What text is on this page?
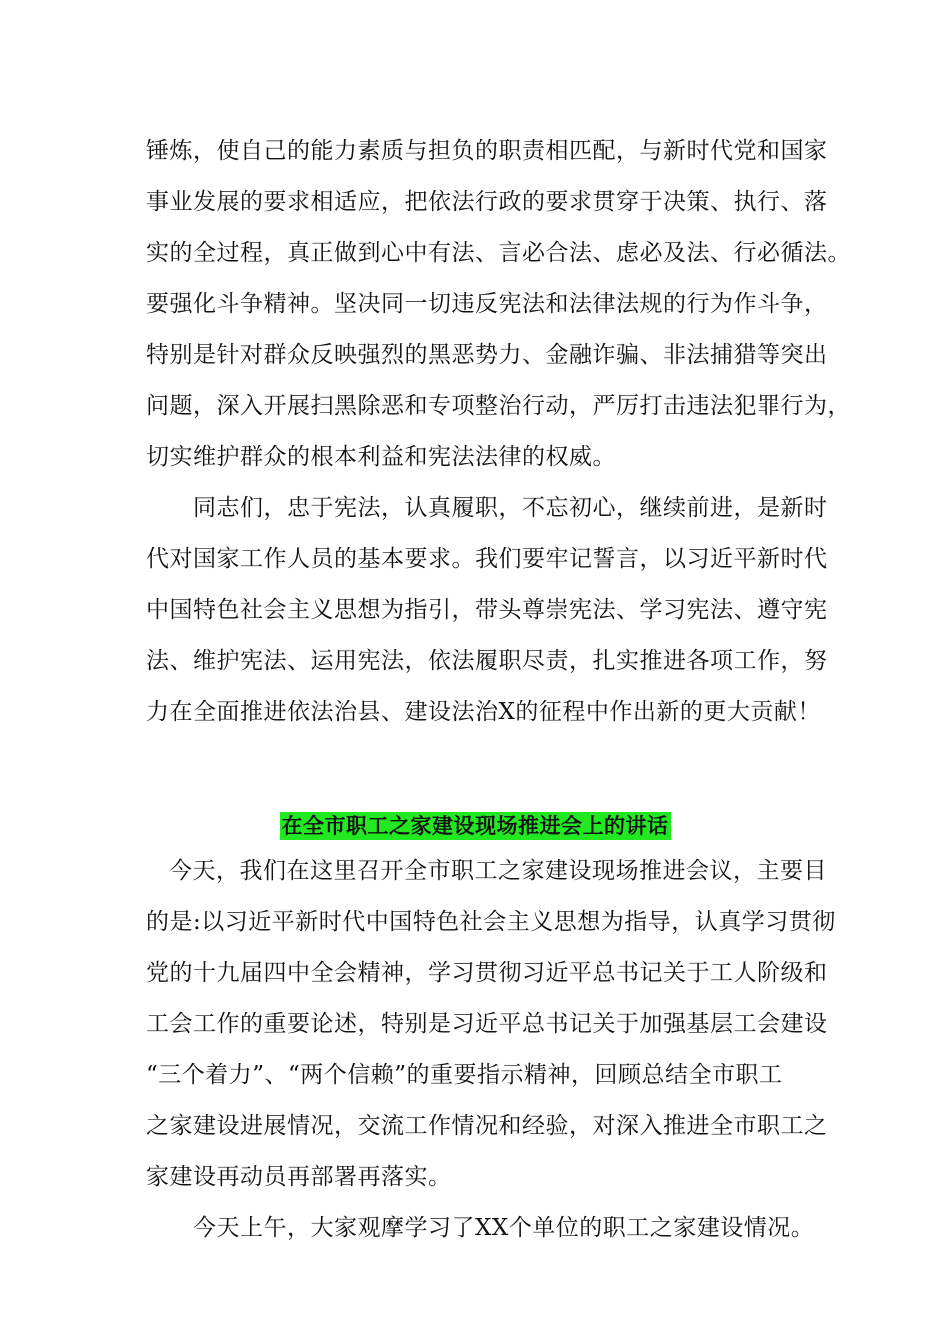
锤炼，使自己的能力素质与担负的职责相匹配，与新时代党和国家
事业发展的要求相适应，把依法行政的要求贯穿于决策、执行、落
实的全过程，真正做到心中有法、言必合法、虑必及法、行必循法。
要强化斗争精神。坚决同一切违反宪法和法律法规的行为作斗争，
特别是针对群众反映强烈的黑恶势力、金融诈骗、非法捕猎等突出
问题，深入开展扫黑除恶和专项整治行动，严厉打击违法犯罪行为，
切实维护群众的根本利益和宪法法律的权威。
同志们，忠于宪法，认真履职，不忘初心，继续前进，是新时
代对国家工作人员的基本要求。我们要牢记誓言，以习近平新时代
中国特色社会主义思想为指引，带头尊崇宪法、学习宪法、遵守宪
法、维护宪法、运用宪法，依法履职尽责，扎实推进各项工作，努
力在全面推进依法治县、建设法治X的征程中作出新的更大贡献！
在全市职工之家建设现场推进会上的讲话
今天，我们在这里召开全市职工之家建设现场推进会议，主要目
的是:以习近平新时代中国特色社会主义思想为指导，认真学习贯彻
党的十九届四中全会精神，学习贯彻习近平总书记关于工人阶级和
工会工作的重要论述，特别是习近平总书记关于加强基层工会建设
“三个着力”、“两个信赖”的重要指示精神，回顾总结全市职工
之家建设进展情况，交流工作情况和经验，对深入推进全市职工之
家建设再动员再部署再落实。
今天上午，大家观摩学习了XX个单位的职工之家建设情况。
